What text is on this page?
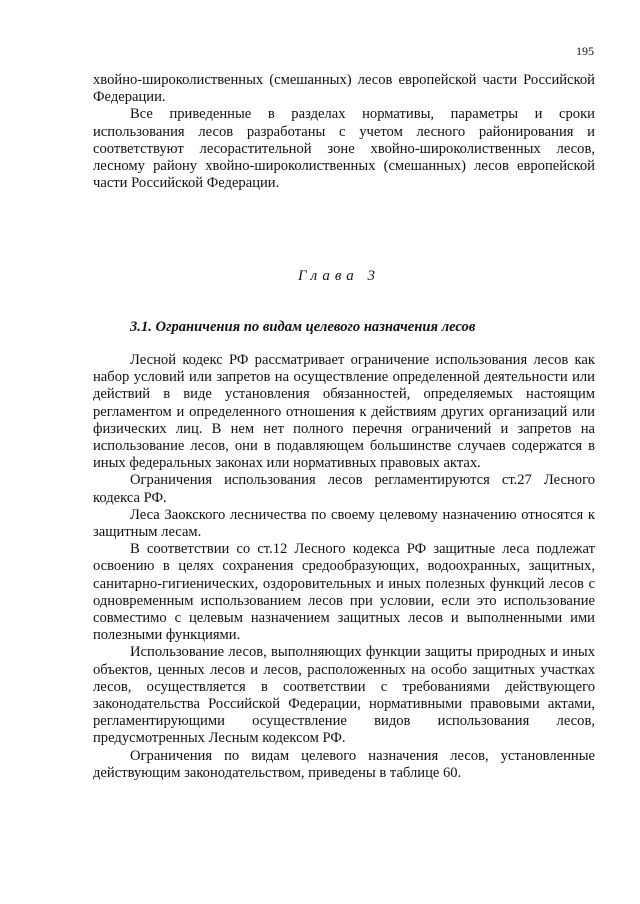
195

хвойно-широколиственных (смешанных) лесов европейской части Российской Федерации.

Все приведенные в разделах нормативы, параметры и сроки использования лесов разработаны с учетом лесного районирования и соответствуют лесорастительной зоне хвойно-широколиственных лесов, лесному району хвойно-широколиственных (смешанных) лесов европейской части Российской Федерации.

Глава 3
3.1. Ограничения по видам целевого назначения лесов

Лесной кодекс РФ рассматривает ограничение использования лесов как набор условий или запретов на осуществление определенной деятельности или действий в виде установления обязанностей, определяемых настоящим регламентом и определенного отношения к действиям других организаций или физических лиц. В нем нет полного перечня ограничений и запретов на использование лесов, они в подавляющем большинстве случаев содержатся в иных федеральных законах или нормативных правовых актах.

Ограничения использования лесов регламентируются ст.27 Лесного кодекса РФ.

Леса Заокского лесничества по своему целевому назначению относятся к защитным лесам.

В соответствии со ст.12 Лесного кодекса РФ защитные леса подлежат освоению в целях сохранения средообразующих, водоохранных, защитных, санитарно-гигиенических, оздоровительных и иных полезных функций лесов с одновременным использованием лесов при условии, если это использование совместимо с целевым назначением защитных лесов и выполненными ими полезными функциями.

Использование лесов, выполняющих функции защиты природных и иных объектов, ценных лесов и лесов, расположенных на особо защитных участках лесов, осуществляется в соответствии с требованиями действующего законодательства Российской Федерации, нормативными правовыми актами, регламентирующими осуществление видов использования лесов, предусмотренных Лесным кодексом РФ.

Ограничения по видам целевого назначения лесов, установленные действующим законодательством, приведены в таблице 60.
